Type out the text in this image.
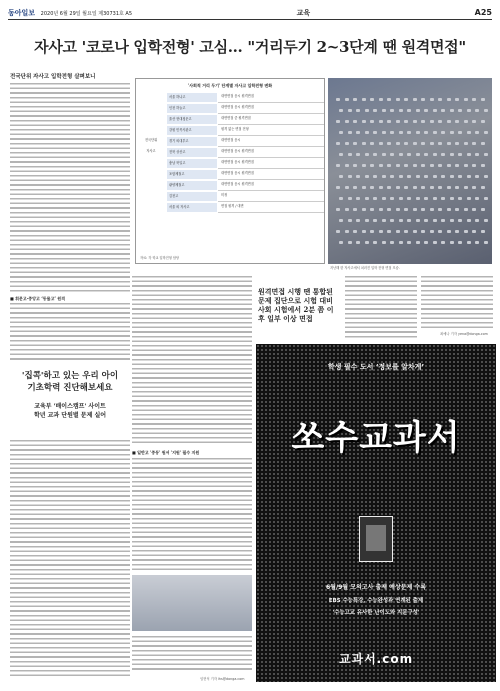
동아일보 2020년 6월 29일 월요일 제30731호 A5	교육	A25
자사고 '코로나 입학전형' 고심… "거리두기 2~3단계 땐 원격면접"
전국단위 자사고 입학전형 살펴보니
■ 휘문고·중앙고 ‘동물고’ 원격
'사회적 거리 두기' 단계별 자사고 입학전형 변화
서울 하나고	대면면접 응시 원격면접
인천 하늘고	대면면접 응시 원격면접
울산 현대청운고	대면면접 중 원격면접
강원 민족사관고	원격 없는 면접 전형
전국단위	경기 외대부고	대면면접 응시
자사고	전북 상산고	대면면접 응시 원격면접
충남 북일고	대면면접 응시 원격면접
포항제철고	대면면접 응시 원격면접
광양제철고	대면면접 응시 원격면접
김천고	미정
서울 외 자사고	면접 원격 / 대면
자료: 각 학교 입학전형 담당
지난해 한 자사고에서 치러진 입학 전형 면접 모습.
■ 일반고 '중동' 원서 '지원' 필수 지원
원격면접 시행 땐 통합된 문제 집단으로 시험 대비 사회 시험에서 2분 쯤 이후 일부 이상 면접
최예나 기자 yena@donga.com
'집콕'하고 있는 우리 아이
기초학력 진단해보세요
교육부 '배이스캠프' 사이트
학년 교과 단원별 문제 실어
임현석 기자 lhs@donga.com
학생 필수 도서 ‘정보를 알차게’
쏘수교과서
6월/9월 모의고사 출제 예상문제 수록
EBS 수능특강, 수능완성과 연계된 출제
'수능고교 유사한 난이도와 지문구성'
교과서.com
